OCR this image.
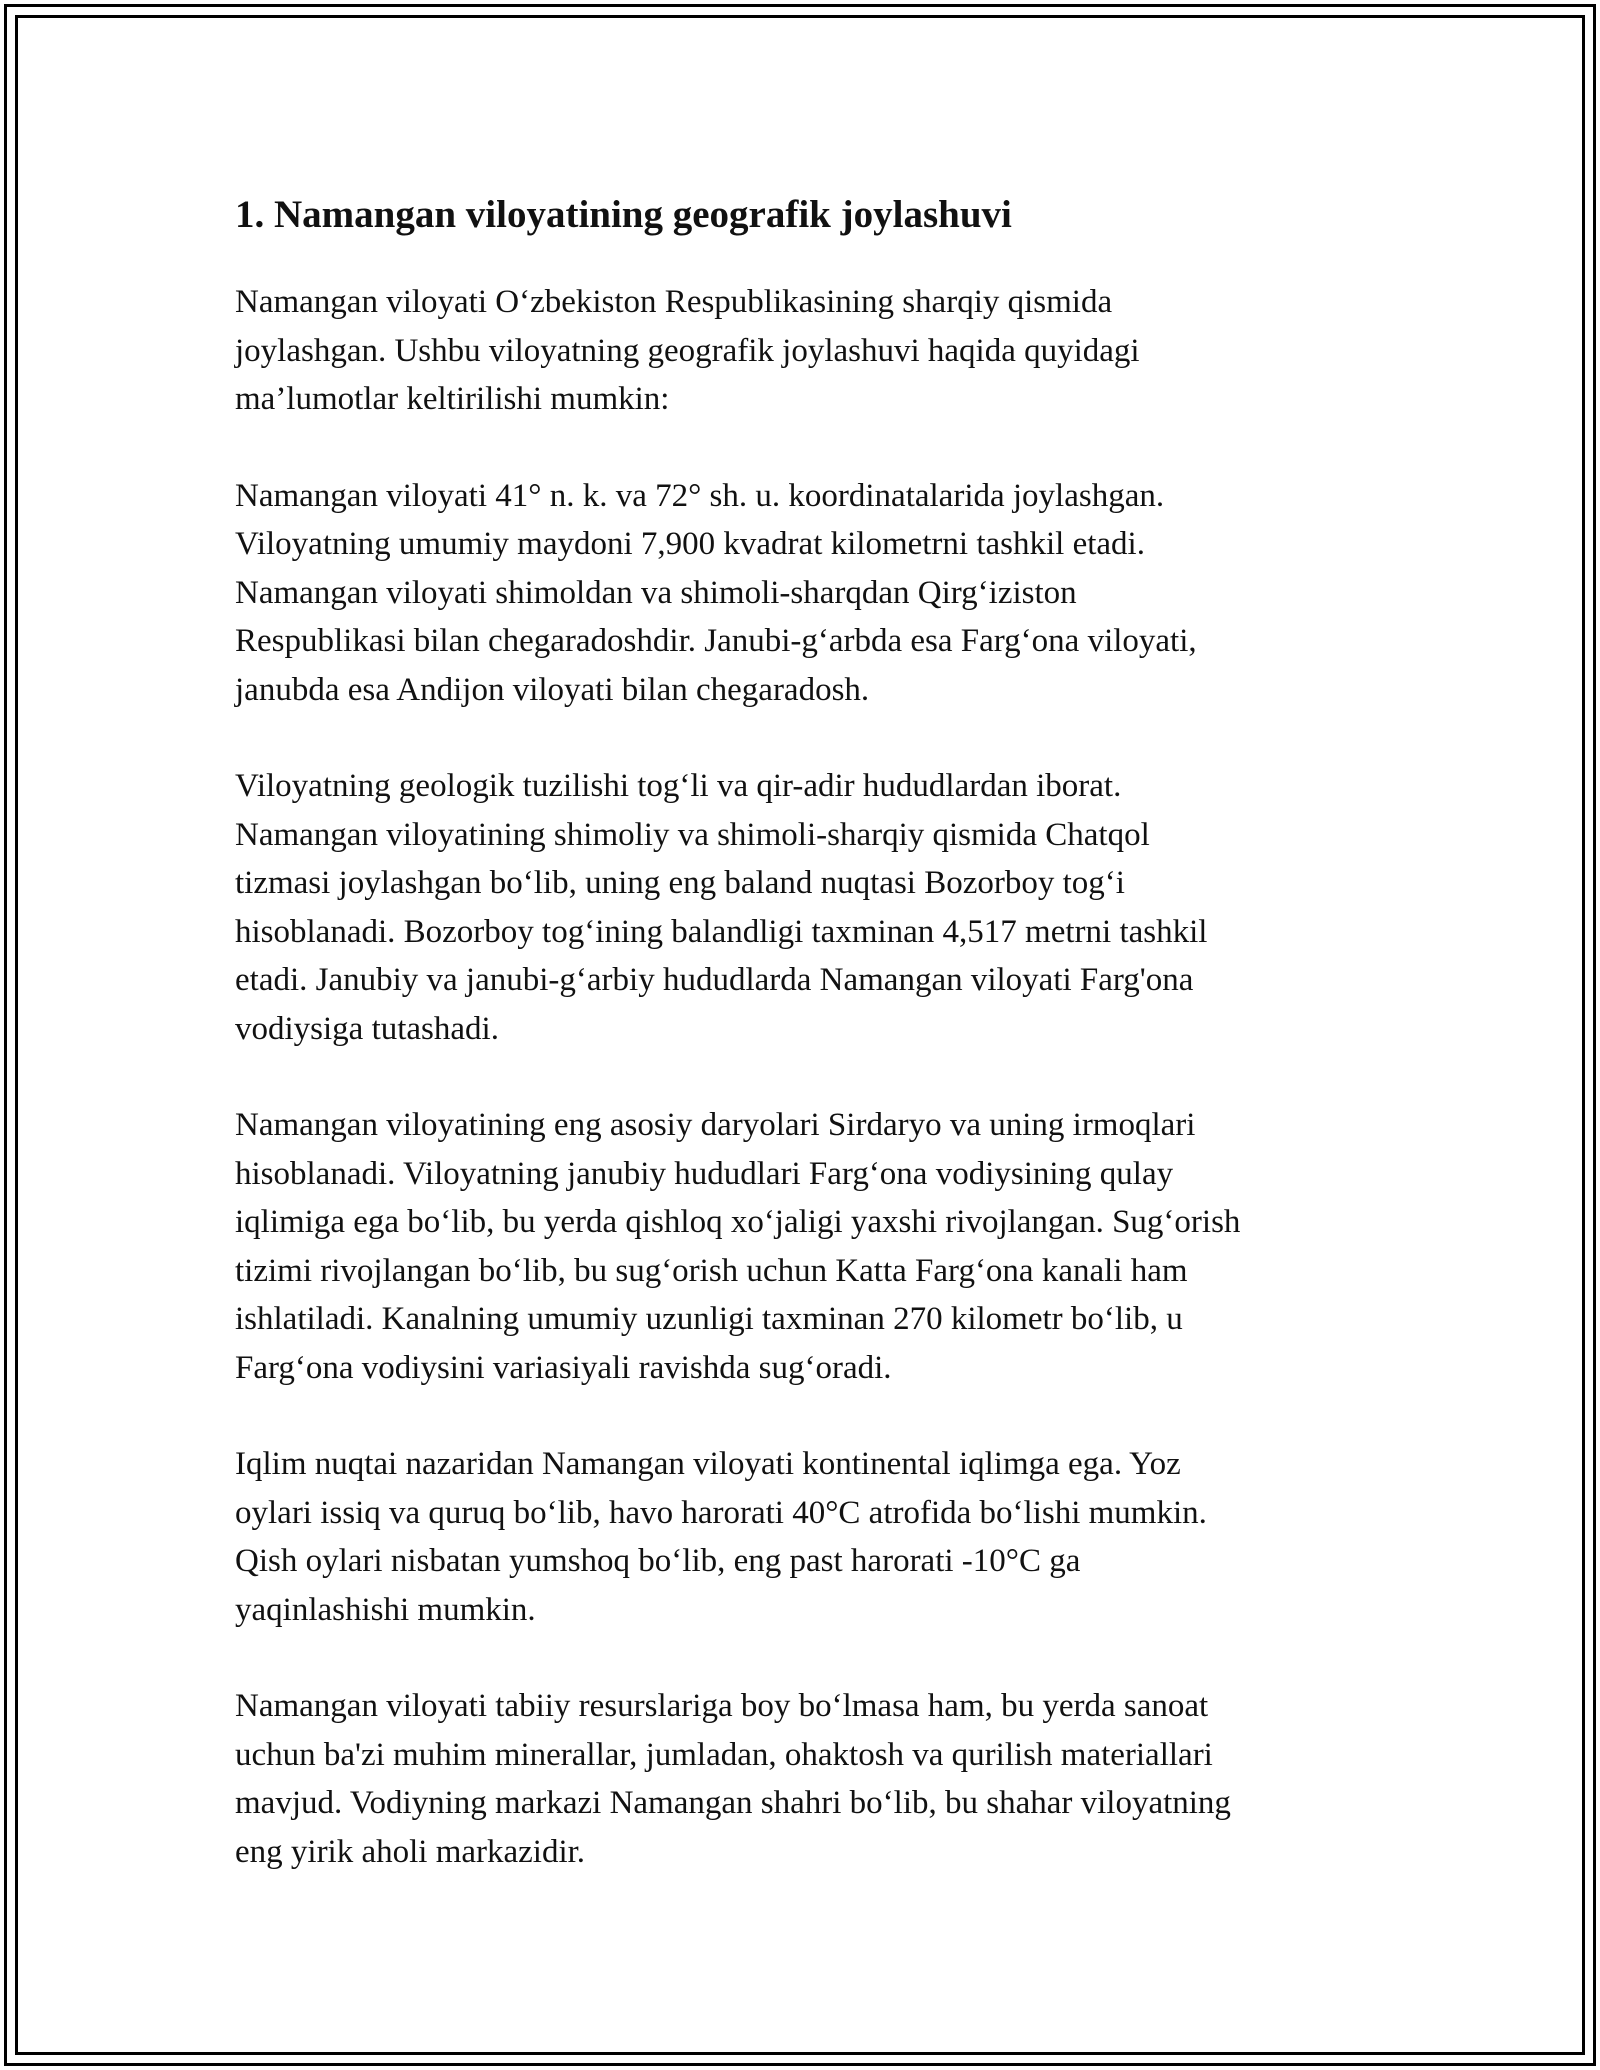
1. Namangan viloyatining geografik joylashuvi

Namangan viloyati O‘zbekiston Respublikasining sharqiy qismida
joylashgan. Ushbu viloyatning geografik joylashuvi haqida quyidagi
ma’lumotlar keltirilishi mumkin:

Namangan viloyati 41° n. k. va 72° sh. u. koordinatalarida joylashgan.
Viloyatning umumiy maydoni 7,900 kvadrat kilometrni tashkil etadi.
Namangan viloyati shimoldan va shimoli-sharqdan Qirg‘iziston
Respublikasi bilan chegaradoshdir. Janubi-g‘arbda esa Farg‘ona viloyati,
janubda esa Andijon viloyati bilan chegaradosh.

Viloyatning geologik tuzilishi tog‘li va qir-adir hududlardan iborat.
Namangan viloyatining shimoliy va shimoli-sharqiy qismida Chatqol
tizmasi joylashgan bo‘lib, uning eng baland nuqtasi Bozorboy tog‘i
hisoblanadi. Bozorboy tog‘ining balandligi taxminan 4,517 metrni tashkil
etadi. Janubiy va janubi-g‘arbiy hududlarda Namangan viloyati Farg'ona
vodiysiga tutashadi.

Namangan viloyatining eng asosiy daryolari Sirdaryo va uning irmoqlari
hisoblanadi. Viloyatning janubiy hududlari Farg‘ona vodiysining qulay
iqlimiga ega bo‘lib, bu yerda qishloq xo‘jaligi yaxshi rivojlangan. Sug‘orish
tizimi rivojlangan bo‘lib, bu sug‘orish uchun Katta Farg‘ona kanali ham
ishlatiladi. Kanalning umumiy uzunligi taxminan 270 kilometr bo‘lib, u
Farg‘ona vodiysini variasiyali ravishda sug‘oradi.

Iqlim nuqtai nazaridan Namangan viloyati kontinental iqlimga ega. Yoz
oylari issiq va quruq bo‘lib, havo harorati 40°C atrofida bo‘lishi mumkin.
Qish oylari nisbatan yumshoq bo‘lib, eng past harorati -10°C ga
yaqinlashishi mumkin.

Namangan viloyati tabiiy resurslariga boy bo‘lmasa ham, bu yerda sanoat
uchun ba'zi muhim minerallar, jumladan, ohaktosh va qurilish materiallari
mavjud. Vodiyning markazi Namangan shahri bo‘lib, bu shahar viloyatning
eng yirik aholi markazidir.
